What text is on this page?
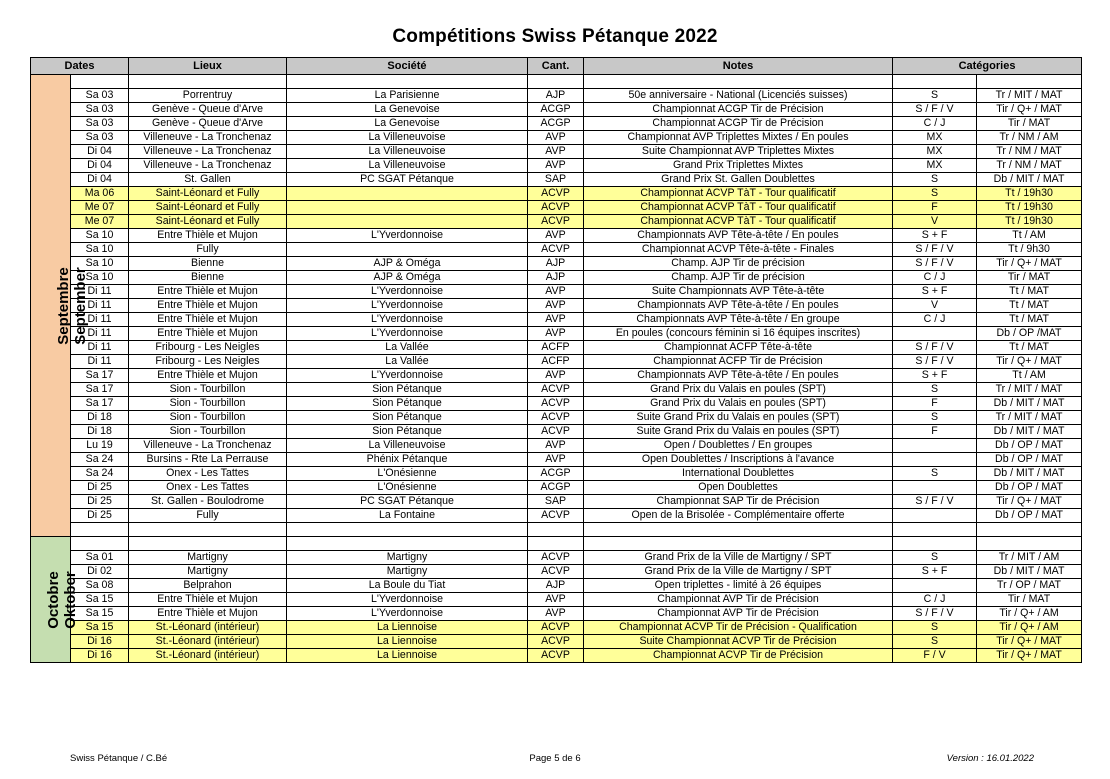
Compétitions Swiss Pétanque 2022
Dates		Lieux	Société	Cant.	Notes	Catégories	

Septembre September							

	Sa 03	Porrentruy	La Parisienne	AJP	50e anniversaire - National (Licenciés suisses)	S	Tr / MIT / MAT
	Sa 03	Genève - Queue d'Arve	La Genevoise	ACGP	Championnat ACGP Tir de Précision	S / F / V	Tir / Q+ / MAT
	Sa 03	Genève - Queue d'Arve	La Genevoise	ACGP	Championnat ACGP Tir de Précision	C / J	Tir / MAT
	Sa 03	Villeneuve - La Tronchenaz	La Villeneuvoise	AVP	Championnat AVP Triplettes Mixtes / En poules	MX	Tr / NM / AM
	Di 04	Villeneuve - La Tronchenaz	La Villeneuvoise	AVP	Suite Championnat AVP Triplettes Mixtes	MX	Tr / NM / MAT
	Di 04	Villeneuve - La Tronchenaz	La Villeneuvoise	AVP	Grand Prix Triplettes Mixtes	MX	Tr / NM / MAT
	Di 04	St. Gallen	PC SGAT Pétanque	SAP	Grand Prix St. Gallen Doublettes	S	Db / MIT / MAT
	Ma 06	Saint-Léonard et Fully		ACVP	Championnat ACVP TàT - Tour qualificatif	S	Tt / 19h30
	Me 07	Saint-Léonard et Fully		ACVP	Championnat ACVP TàT - Tour qualificatif	F	Tt / 19h30
	Me 07	Saint-Léonard et Fully		ACVP	Championnat ACVP TàT - Tour qualificatif	V	Tt / 19h30
	Sa 10	Entre Thièle et Mujon	L'Yverdonnoise	AVP	Championnats AVP Tête-à-tête / En poules	S + F	Tt / AM
	Sa 10	Fully		ACVP	Championnat ACVP Tête-à-tête - Finales	S / F / V	Tt / 9h30
	Sa 10	Bienne	AJP & Oméga	AJP	Champ. AJP Tir de précision	S / F / V	Tir / Q+ / MAT
	Sa 10	Bienne	AJP & Oméga	AJP	Champ. AJP Tir de précision	C / J	Tir / MAT
	Di 11	Entre Thièle et Mujon	L'Yverdonnoise	AVP	Suite Championnats AVP Tête-à-tête	S + F	Tt / MAT
	Di 11	Entre Thièle et Mujon	L'Yverdonnoise	AVP	Championnats AVP Tête-à-tête / En poules	V	Tt / MAT
	Di 11	Entre Thièle et Mujon	L'Yverdonnoise	AVP	Championnats AVP Tête-à-tête / En groupe	C / J	Tt / MAT
	Di 11	Entre Thièle et Mujon	L'Yverdonnoise	AVP	En poules (concours féminin si 16 équipes inscrites)		Db / OP /MAT
	Di 11	Fribourg - Les Neigles	La Vallée	ACFP	Championnat ACFP Tête-à-tête	S / F / V	Tt / MAT
	Di 11	Fribourg - Les Neigles	La Vallée	ACFP	Championnat ACFP Tir de Précision	S / F / V	Tir / Q+ / MAT
	Sa 17	Entre Thièle et Mujon	L'Yverdonnoise	AVP	Championnats AVP Tête-à-tête / En poules	S + F	Tt / AM
	Sa 17	Sion - Tourbillon	Sion Pétanque	ACVP	Grand Prix du Valais en poules (SPT)	S	Tr / MIT / MAT
	Sa 17	Sion - Tourbillon	Sion Pétanque	ACVP	Grand Prix du Valais en poules (SPT)	F	Db / MIT / MAT
	Di 18	Sion - Tourbillon	Sion Pétanque	ACVP	Suite Grand Prix du Valais en poules (SPT)	S	Tr / MIT / MAT
	Di 18	Sion - Tourbillon	Sion Pétanque	ACVP	Suite Grand Prix du Valais en poules (SPT)	F	Db / MIT / MAT
	Lu 19	Villeneuve - La Tronchenaz	La Villeneuvoise	AVP	Open / Doublettes / En groupes		Db / OP / MAT
	Sa 24	Bursins - Rte La Perrause	Phénix Pétanque	AVP	Open Doublettes / Inscriptions à l'avance		Db / OP / MAT
	Sa 24	Onex - Les Tattes	L'Onésienne	ACGP	International Doublettes	S	Db / MIT / MAT
	Di 25	Onex - Les Tattes	L'Onésienne	ACGP	Open Doublettes		Db / OP / MAT
	Di 25	St. Gallen - Boulodrome	PC SGAT Pétanque	SAP	Championnat SAP Tir de Précision	S / F / V	Tir / Q+ / MAT
	Di 25	Fully	La Fontaine	ACVP	Open de la Brisolée - Complémentaire offerte		Db / OP / MAT

Octobre Oktober							

	Sa 01	Martigny	Martigny	ACVP	Grand Prix de la Ville de Martigny / SPT	S	Tr / MIT / AM
	Di 02	Martigny	Martigny	ACVP	Grand Prix de la Ville de Martigny / SPT	S + F	Db / MIT / MAT
	Sa 08	Belprahon	La Boule du Tiat	AJP	Open triplettes - limité à 26 équipes		Tr / OP / MAT
	Sa 15	Entre Thièle et Mujon	L'Yverdonnoise	AVP	Championnat AVP Tir de Précision	C / J	Tir / MAT
	Sa 15	Entre Thièle et Mujon	L'Yverdonnoise	AVP	Championnat AVP Tir de Précision	S / F / V	Tir / Q+ / AM
	Sa 15	St.-Léonard (intérieur)	La Liennoise	ACVP	Championnat ACVP Tir de Précision - Qualification	S	Tir / Q+ / AM
	Di 16	St.-Léonard (intérieur)	La Liennoise	ACVP	Suite Championnat ACVP Tir de Précision	S	Tir / Q+ / MAT
	Di 16	St.-Léonard (intérieur)	La Liennoise	ACVP	Championnat ACVP Tir de Précision	F / V	Tir / Q+ / MAT
Swiss Pétanque / C.Bé	Page 5 de 6	Version : 16.01.2022
